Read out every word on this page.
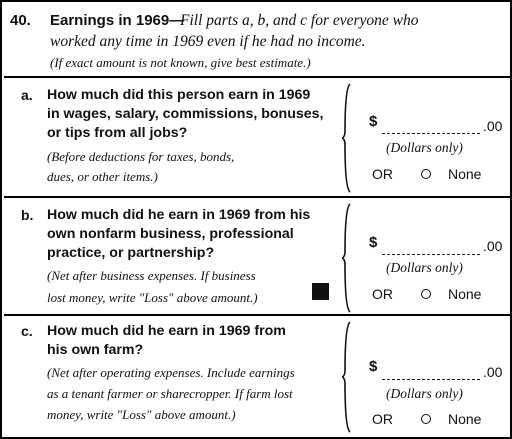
40. Earnings in 1969—
Fill parts a, b, and c for everyone who
worked any time in 1969 even if he had no income.
(If exact amount is not known, give best estimate.)
a. How much did this person earn in 1969
in wages, salary, commissions, bonuses,
or tips from all jobs?
(Before deductions for taxes, bonds,
dues, or other items.)
$	.00
(Dollars only)
OR	None
b. How much did he earn in 1969 from his
own nonfarm business, professional
practice, or partnership?
(Net after business expenses. If business
lost money, write "Loss" above amount.)
$	.00
(Dollars only)
OR	None
c. How much did he earn in 1969 from
his own farm?
(Net after operating expenses. Include earnings
as a tenant farmer or sharecropper. If farm lost
money, write "Loss" above amount.)
$	.00
(Dollars only)
OR	None
